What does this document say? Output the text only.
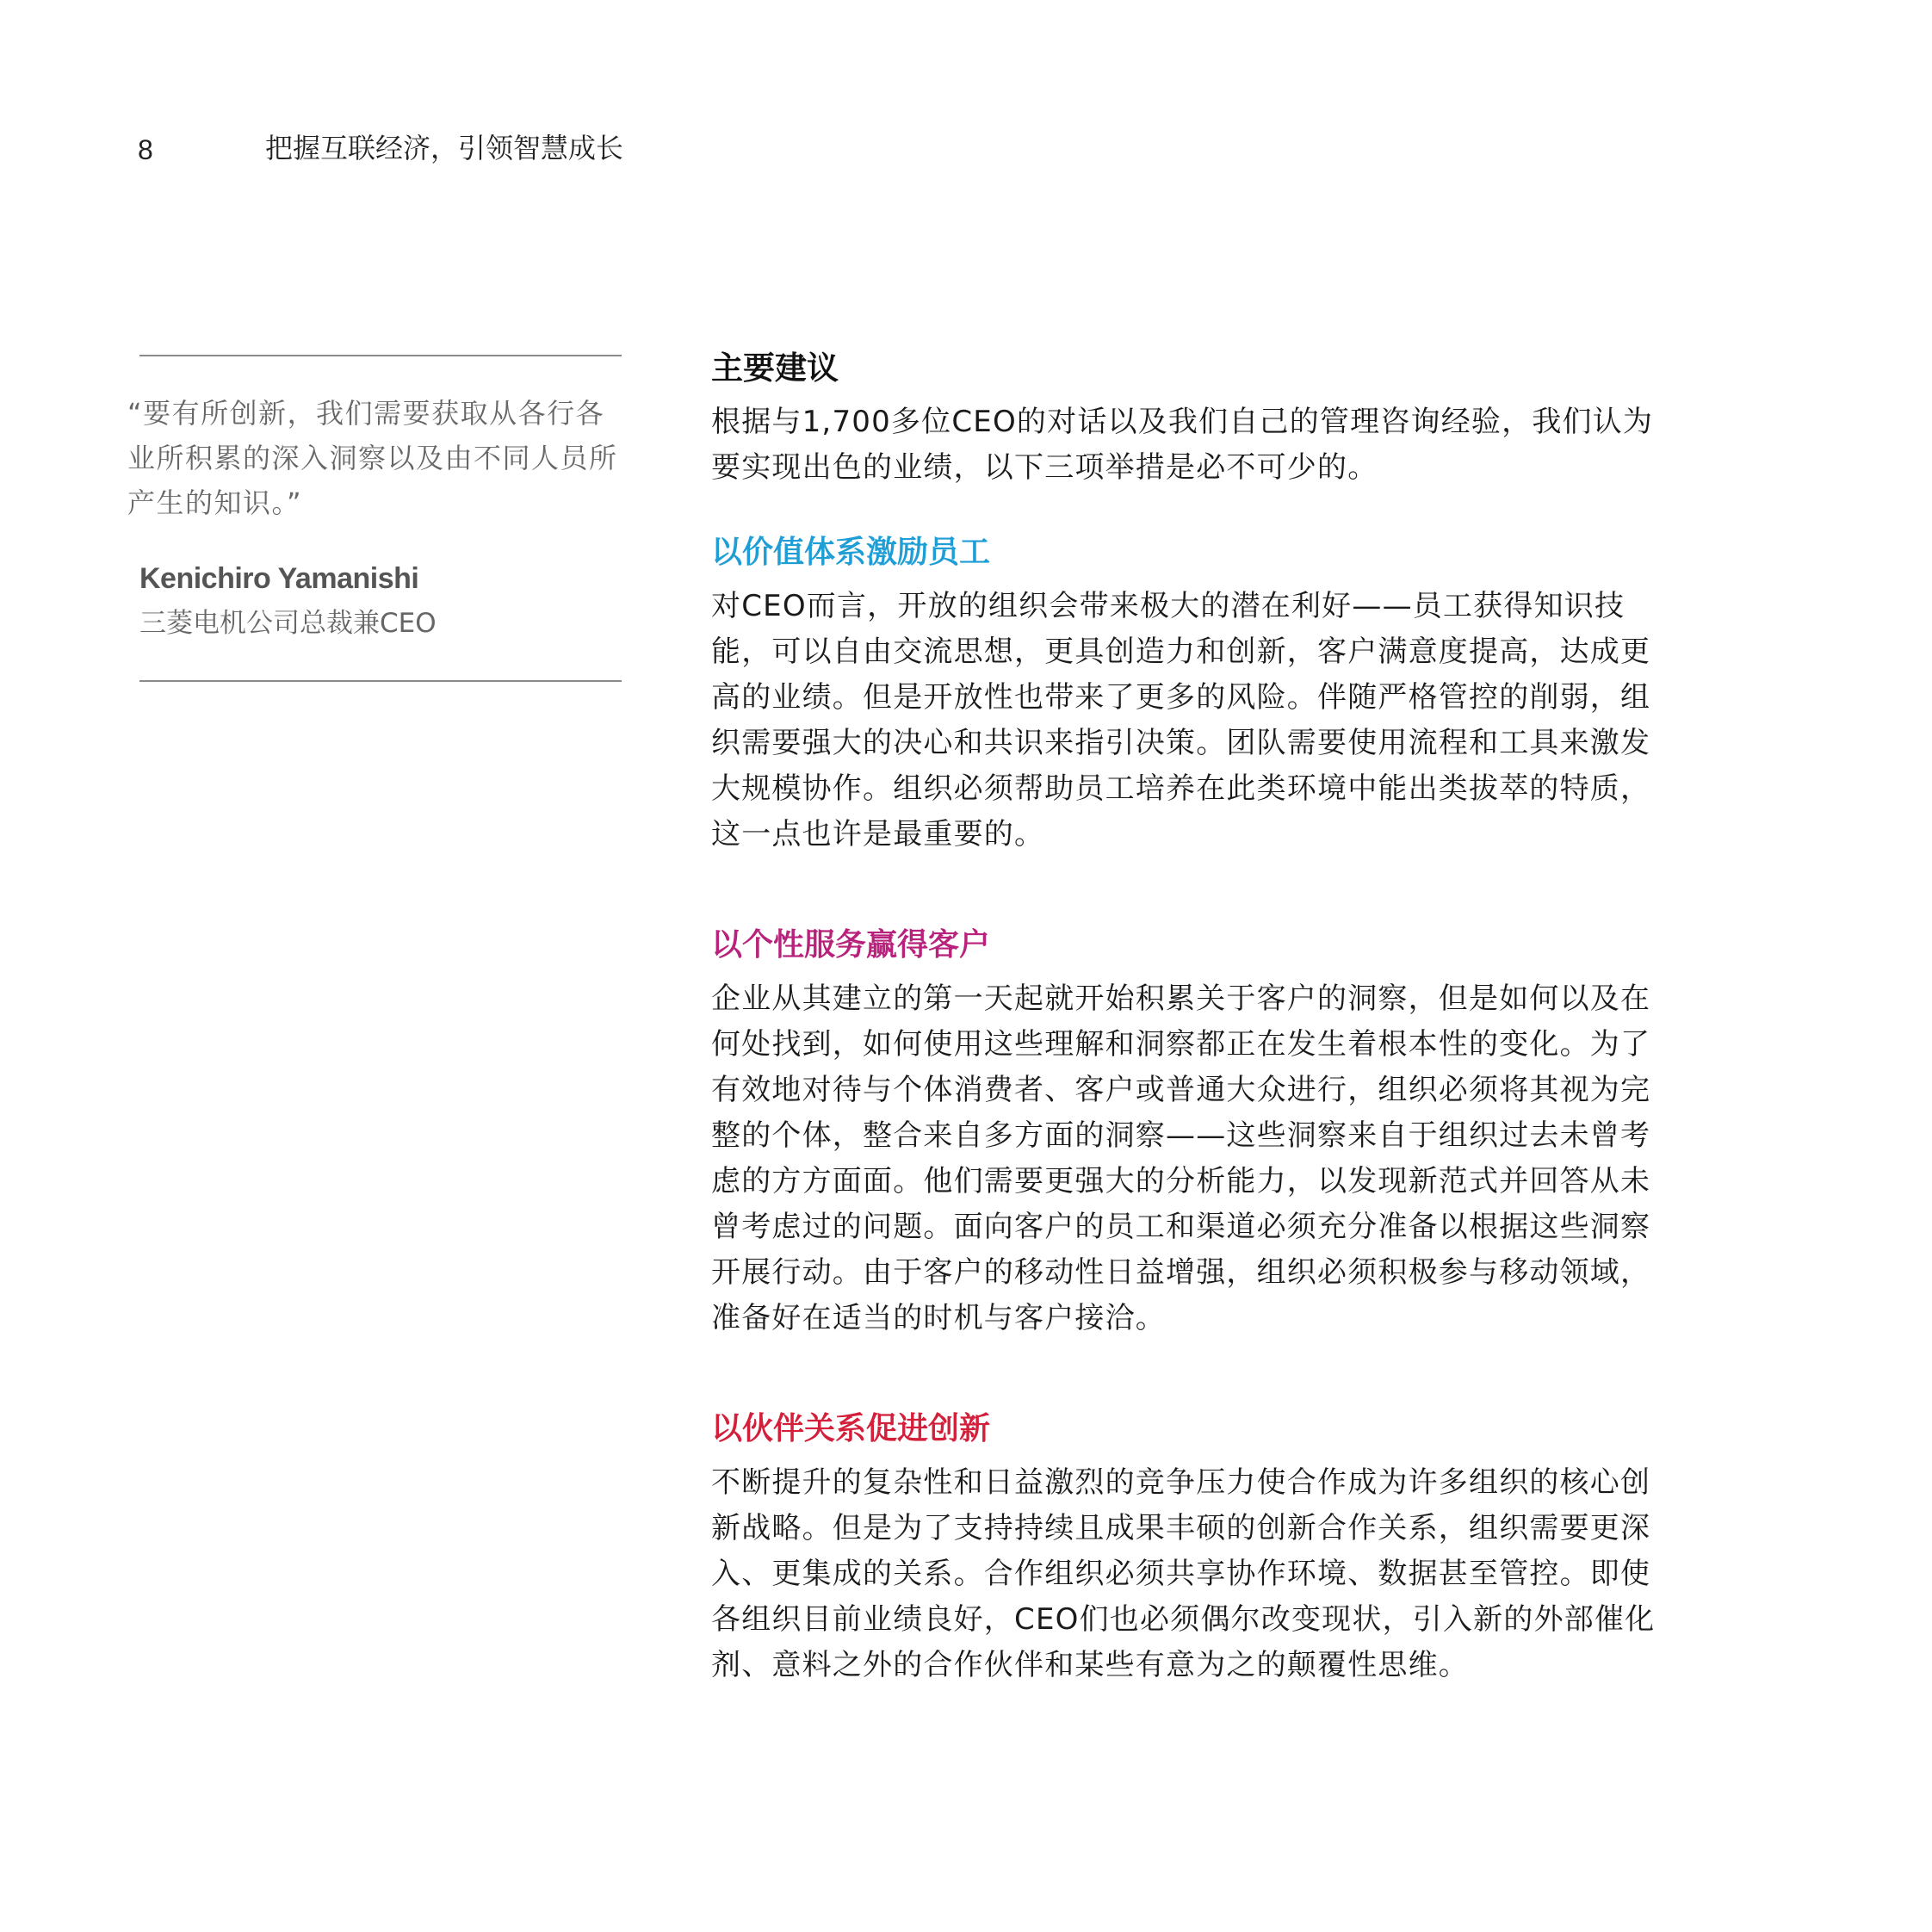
8	把握互联经济，引领智慧成长
“要有所创新，我们需要获取从各行各业所积累的深入洞察以及由不同人员所产生的知识。”
Kenichiro Yamanishi
三菱电机公司总裁兼CEO
主要建议

根据与1,700多位CEO的对话以及我们自己的管理咨询经验，我们认为要实现出色的业绩，以下三项举措是必不可少的。

以价值体系激励员工

对CEO而言，开放的组织会带来极大的潜在利好——员工获得知识技能，可以自由交流思想，更具创造力和创新，客户满意度提高，达成更高的业绩。但是开放性也带来了更多的风险。伴随严格管控的削弱，组织需要强大的决心和共识来指引决策。团队需要使用流程和工具来激发大规模协作。组织必须帮助员工培养在此类环境中能出类拔萃的特质，这一点也许是最重要的。

以个性服务赢得客户

企业从其建立的第一天起就开始积累关于客户的洞察，但是如何以及在何处找到，如何使用这些理解和洞察都正在发生着根本性的变化。为了有效地对待与个体消费者、客户或普通大众进行，组织必须将其视为完整的个体，整合来自多方面的洞察——这些洞察来自于组织过去未曾考虑的方方面面。他们需要更强大的分析能力，以发现新范式并回答从未曾考虑过的问题。面向客户的员工和渠道必须充分准备以根据这些洞察开展行动。由于客户的移动性日益增强，组织必须积极参与移动领域，准备好在适当的时机与客户接洽。

以伙伴关系促进创新

不断提升的复杂性和日益激烈的竞争压力使合作成为许多组织的核心创新战略。但是为了支持持续且成果丰硕的创新合作关系，组织需要更深入、更集成的关系。合作组织必须共享协作环境、数据甚至管控。即使各组织目前业绩良好，CEO们也必须偶尔改变现状，引入新的外部催化剂、意料之外的合作伙伴和某些有意为之的颠覆性思维。
